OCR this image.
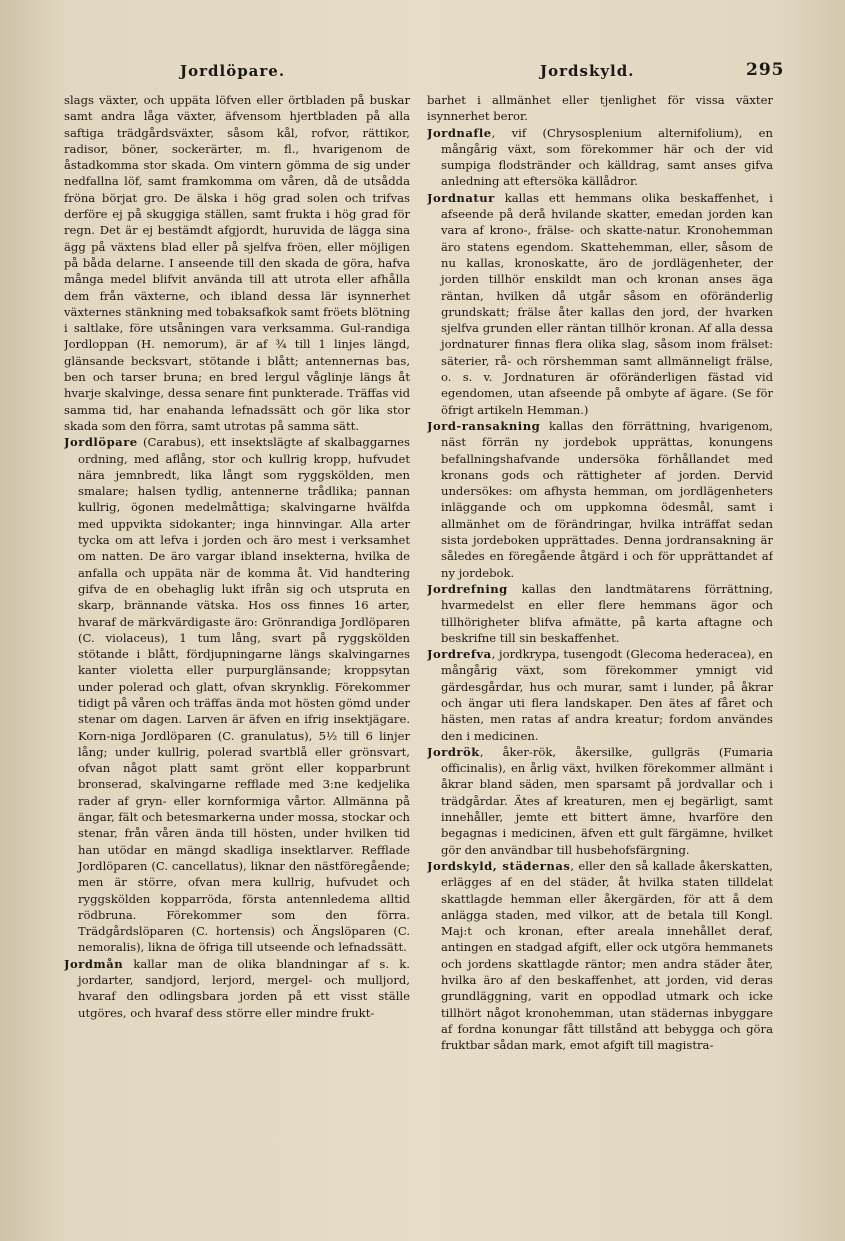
Jordlöpare.	Jordskyld.	295

slags växter, och uppäta löfven eller örtbladen på buskar samt andra låga växter, äfvensom hjertbladen på alla saftiga trädgårdsväxter, såsom kål, rofvor, rättikor, radisor, böner, sockerärter, m. fl., hvarigenom de åstadkomma stor skada. Om vintern gömma de sig under nedfallna löf, samt framkomma om våren, då de utsådda fröna börjat gro. De älska i hög grad solen och trifvas derföre ej på skuggiga ställen, samt frukta i hög grad för regn. Det är ej bestämdt afgjordt, huruvida de lägga sina ägg på växtens blad eller på sjelfva fröen, eller möjligen på båda delarne. I anseende till den skada de göra, hafva många medel blifvit använda till att utrota eller afhålla dem från växterne, och ibland dessa lär isynnerhet växternes stänkning med tobaksafkok samt fröets blötning i saltlake, före utsåningen vara verksamma. Gul-randiga Jordloppan (H. nemorum), är af ¾ till 1 linjes längd, glänsande becksvart, stötande i blått; antennernas bas, ben och tarser bruna; en bred lergul våglinje längs åt hvarje skalvinge, dessa senare fint punkterade. Träffas vid samma tid, har enahanda lefnadssätt och gör lika stor skada som den förra, samt utrotas på samma sätt.

Jordlöpare (Carabus), ett insektslägte af skalbaggarnes ordning, med aflång, stor och kullrig kropp, hufvudet nära jemnbredt, lika långt som ryggskölden, men smalare; halsen tydlig, antennerne trådlika; pannan kullrig, ögonen medelmåttiga; skalvingarne hvälfda med uppvikta sidokanter; inga hinnvingar. Alla arter tycka om att lefva i jorden och äro mest i verksamhet om natten. De äro vargar ibland insekterna, hvilka de anfalla och uppäta när de komma åt. Vid handtering gifva de en obehaglig lukt ifrån sig och utspruta en skarp, brännande vätska. Hos oss finnes 16 arter, hvaraf de märkvärdigaste äro: Grönrandiga Jordlöparen (C. violaceus), 1 tum lång, svart på ryggskölden stötande i blått, fördjupningarne längs skalvingarnes kanter violetta eller purpurglänsande; kroppsytan under polerad och glatt, ofvan skrynklig. Förekommer tidigt på våren och träffas ända mot hösten gömd under stenar om dagen. Larven är äfven en ifrig insektjägare. Korn-niga Jordlöparen (C. granulatus), 5½ till 6 linjer lång; under kullrig, polerad svartblå eller grönsvart, ofvan något platt samt grönt eller kopparbrunt bronserad, skalvingarne refflade med 3:ne kedjelika rader af gryn- eller kornformiga vårtor. Allmänna på ängar, fält och betesmarkerna under mossa, stockar och stenar, från våren ända till hösten, under hvilken tid han utödar en mängd skadliga insektlarver. Refflade Jordlöparen (C. cancellatus), liknar den nästföregående; men är större, ofvan mera kullrig, hufvudet och ryggskölden kopparröda, första antennledema alltid rödbruna. Förekommer som den förra. Trädgårdslöparen (C. hortensis) och Ängslöparen (C. nemoralis), likna de öfriga till utseende och lefnadssätt.

Jordmån kallar man de olika blandningar af s. k. jordarter, sandjord, lerjord, mergel- och mulljord, hvaraf den odlingsbara jorden på ett visst ställe utgöres, och hvaraf dess större eller mindre frukt-

barhet i allmänhet eller tjenlighet för vissa växter isynnerhet beror.

Jordnafle, vif (Chrysosplenium alternifolium), en mångårig växt, som förekommer här och der vid sumpiga flodstränder och källdrag, samt anses gifva anledning att eftersöka källådror.

Jordnatur kallas ett hemmans olika beskaffenhet, i afseende på derå hvilande skatter, emedan jorden kan vara af krono-, frälse- och skatte-natur. Kronohemman äro statens egendom. Skattehemman, eller, såsom de nu kallas, kronoskatte, äro de jordlägenheter, der jorden tillhör enskildt man och kronan anses äga räntan, hvilken då utgår såsom en oföränderlig grundskatt; frälse åter kallas den jord, der hvarken sjelfva grunden eller räntan tillhör kronan. Af alla dessa jordnaturer finnas flera olika slag, såsom inom frälset: säterier, rå- och rörshemman samt allmänneligt frälse, o. s. v. Jordnaturen är oföränderligen fästad vid egendomen, utan afseende på ombyte af ägare. (Se för öfrigt artikeln Hemman.)

Jord-ransakning kallas den förrättning, hvarigenom, näst förrän ny jordebok upprättas, konungens befallningshafvande undersöka förhållandet med kronans gods och rättigheter af jorden. Dervid undersökes: om afhysta hemman, om jordlägenheters inläggande och om uppkomna ödesmål, samt i allmänhet om de förändringar, hvilka inträffat sedan sista jordeboken upprättades. Denna jordransakning är således en föregående åtgärd i och för upprättandet af ny jordebok.

Jordrefning kallas den landtmätarens förrättning, hvarmedelst en eller flere hemmans ägor och tillhörigheter blifva afmätte, på karta aftagne och beskrifne till sin beskaffenhet.

Jordrefva, jordkrypa, tusengodt (Glecoma hederacea), en mångårig växt, som förekommer ymnigt vid gärdesgårdar, hus och murar, samt i lunder, på åkrar och ängar uti flera landskaper. Den ätes af fåret och hästen, men ratas af andra kreatur; fordom användes den i medicinen.

Jordrök, åker-rök, åkersilke, gullgräs (Fumaria officinalis), en årlig växt, hvilken förekommer allmänt i åkrar bland säden, men sparsamt på jordvallar och i trädgårdar. Ätes af kreaturen, men ej begärligt, samt innehåller, jemte ett bittert ämne, hvarföre den begagnas i medicinen, äfven ett gult färgämne, hvilket gör den användbar till husbehofsfärgning.

Jordskyld, städernas, eller den så kallade åkerskatten, erlägges af en del städer, åt hvilka staten tilldelat skattlagde hemman eller åkergärden, för att å dem anlägga staden, med vilkor, att de betala till Kongl. Maj:t och kronan, efter areala innehållet deraf, antingen en stadgad afgift, eller ock utgöra hemmanets och jordens skattlagde räntor; men andra städer åter, hvilka äro af den beskaffenhet, att jorden, vid deras grundläggning, varit en oppodlad utmark och icke tillhört något kronohemman, utan städernas inbyggare af fordna konungar fått tillstånd att bebygga och göra fruktbar sådan mark, emot afgift till magistra-
